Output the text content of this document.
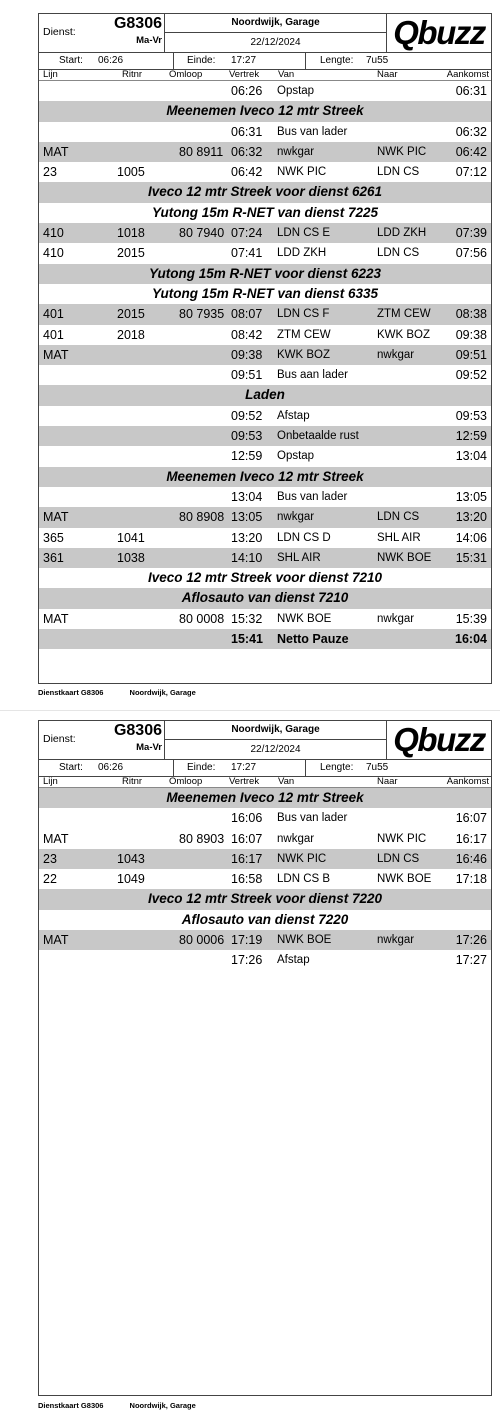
Dienst: G8306
Ma-Vr
Noordwijk, Garage
22/12/2024	Qbuzz
Start: 06:26	Einde: 17:27	Lengte: 7u55
Lijn	Ritnr	Omloop	Vertrek Van	Naar	Aankomst
06:26 Opstap	06:31
Meenemen Iveco 12 mtr Streek
06:31 Bus van lader	06:32
MAT	80 8911 06:32 nwkgar	NWK PIC 06:42
23	1005	06:42 NWK PIC	LDN CS	07:12
Iveco 12 mtr Streek voor dienst 6261
Yutong 15m R-NET van dienst 7225
410	1018	80 7940 07:24 LDN CS E	LDD ZKH 07:39
410	2015	07:41 LDD ZKH	LDN CS	07:56
Yutong 15m R-NET voor dienst 6223
Yutong 15m R-NET van dienst 6335
401	2015	80 7935 08:07 LDN CS F	ZTM CEW 08:38
401	2018	08:42 ZTM CEW	KWK BOZ 09:38
MAT	09:38 KWK BOZ	nwkgar	09:51
09:51 Bus aan lader	09:52
Laden
09:52 Afstap	09:53
09:53 Onbetaalde rust	12:59
12:59 Opstap	13:04
Meenemen Iveco 12 mtr Streek
13:04 Bus van lader	13:05
MAT	80 8908 13:05 nwkgar	LDN CS	13:20
365	1041	13:20 LDN CS D	SHL AIR	14:06
361	1038	14:10 SHL AIR	NWK BOE 15:31
Iveco 12 mtr Streek voor dienst 7210
Aflosauto van dienst 7210
MAT	80 0008 15:32 NWK BOE	nwkgar	15:39
15:41 Netto Pauze	16:04
Dienstkaart G8306	Noordwijk, Garage
Dienst: G8306
Ma-Vr
Noordwijk, Garage
22/12/2024	Qbuzz
Start: 06:26	Einde: 17:27	Lengte: 7u55
Lijn	Ritnr	Omloop	Vertrek Van	Naar	Aankomst
Meenemen Iveco 12 mtr Streek
16:06 Bus van lader	16:07
MAT	80 8903 16:07 nwkgar	NWK PIC 16:17
23	1043	16:17 NWK PIC	LDN CS	16:46
22	1049	16:58 LDN CS B	NWK BOE 17:18
Iveco 12 mtr Streek voor dienst 7220
Aflosauto van dienst 7220
MAT	80 0006 17:19 NWK BOE	nwkgar	17:26
17:26 Afstap	17:27
Dienstkaart G8306	Noordwijk, Garage
